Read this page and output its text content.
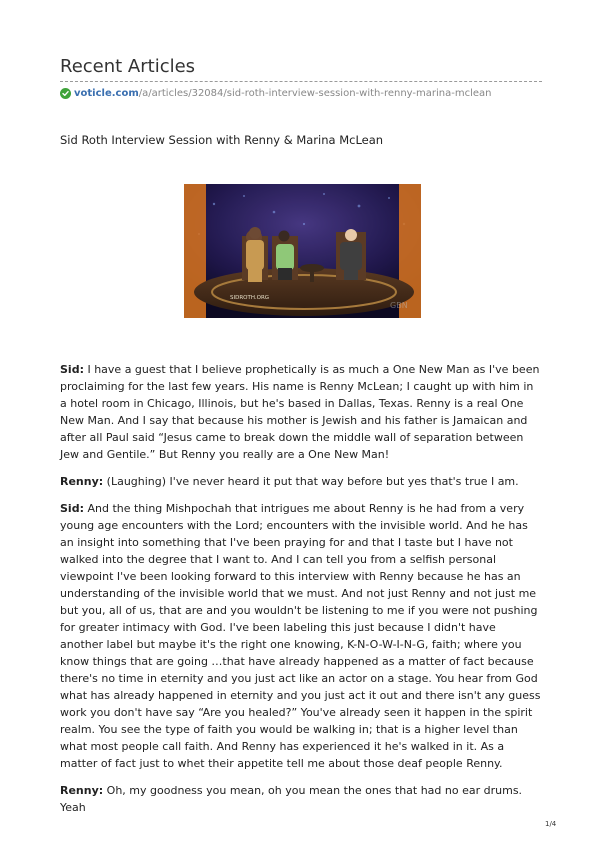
Recent Articles
voticle.com /a/articles/32084/sid-roth-interview-session-with-renny-marina-mclean
Sid Roth Interview Session with Renny & Marina McLean
SIDROTH.ORG
GBN

Sid: I have a guest that I believe prophetically is as much a One New Man as I've been proclaiming for the last few years. His name is Renny McLean; I caught up with him in a hotel room in Chicago, Illinois, but he's based in Dallas, Texas. Renny is a real One New Man. And I say that because his mother is Jewish and his father is Jamaican and after all Paul said “Jesus came to break down the middle wall of separation between Jew and Gentile.” But Renny you really are a One New Man!

Renny: (Laughing) I've never heard it put that way before but yes that's true I am.

Sid: And the thing Mishpochah that intrigues me about Renny is he had from a very young age encounters with the Lord; encounters with the invisible world. And he has an insight into something that I've been praying for and that I taste but I have not walked into the degree that I want to. And I can tell you from a selfish personal viewpoint I've been looking forward to this interview with Renny because he has an understanding of the invisible world that we must. And not just Renny and not just me but you, all of us, that are and you wouldn't be listening to me if you were not pushing for greater intimacy with God. I've been labeling this just because I didn't have another label but maybe it's the right one knowing, K-N-O-W-I-N-G, faith; where you know things that are going …that have already happened as a matter of fact because there's no time in eternity and you just act like an actor on a stage. You hear from God what has already happened in eternity and you just act it out and there isn't any guess work you don't have say “Are you healed?” You've already seen it happen in the spirit realm. You see the type of faith you would be walking in; that is a higher level than what most people call faith. And Renny has experienced it he's walked in it. As a matter of fact just to whet their appetite tell me about those deaf people Renny.

Renny: Oh, my goodness you mean, oh you mean the ones that had no ear drums. Yeah

1/4
